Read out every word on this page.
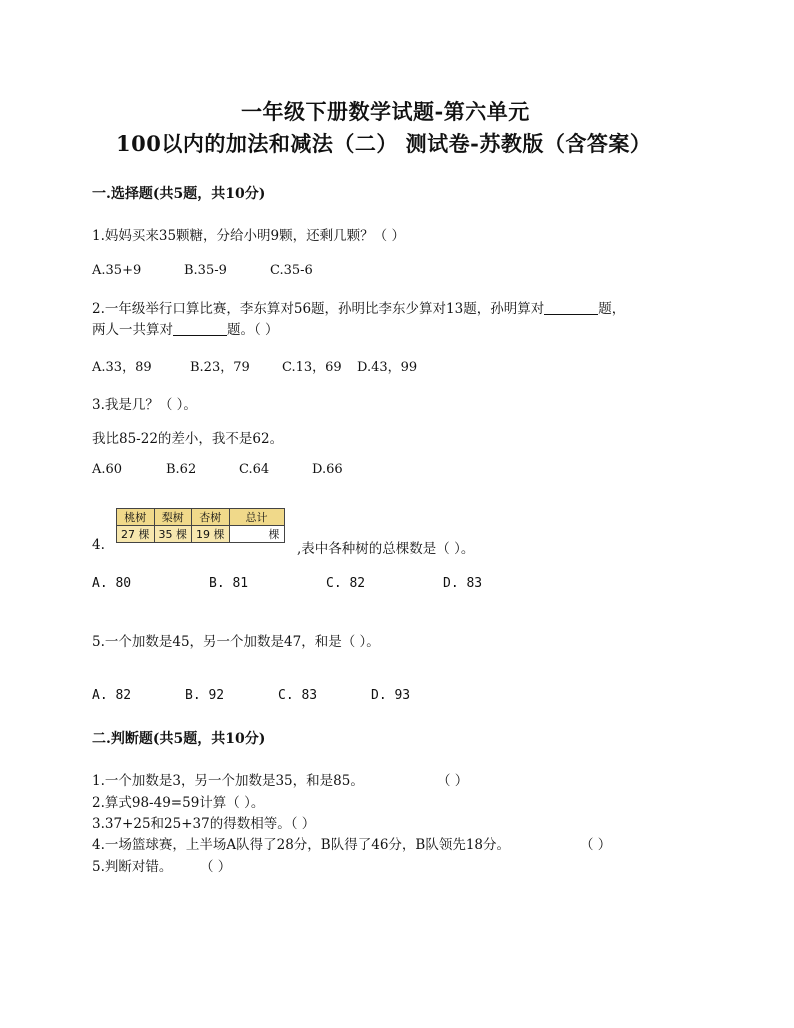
一年级下册数学试题-第六单元
100以内的加法和减法（二） 测试卷-苏教版（含答案）
一.选择题(共5题，共10分)
1.妈妈买来35颗糖，分给小明9颗，还剩几颗？（ ）
A.35+9	B.35-9	C.35-6
2.一年级举行口算比赛，李东算对56题，孙明比李东少算对13题，孙明算对	题，
两人一共算对	题。（ ）
A.33，89	B.23，79 C.13，69 D.43，99
3.我是几？（ ）。
我比85-22的差小，我不是62。
A.60	B.62	C.64	D.66
4.
桃树	梨树	杏树	总计
27 棵	35 棵	19 棵	棵
,表中各种树的总棵数是（ ）。
A. 80	B. 81	C. 82	D. 83
5.一个加数是45，另一个加数是47，和是（ ）。
A. 82	B. 92	C. 83	D. 93
二.判断题(共5题，共10分)
1.一个加数是3，另一个加数是35，和是85。	（ ）
2.算式98-49=59计算（ ）。
3.37+25和25+37的得数相等。（ ）
4.一场篮球赛，上半场A队得了28分，B队得了46分，B队领先18分。	（ ）
5.判断对错。 （ ）
